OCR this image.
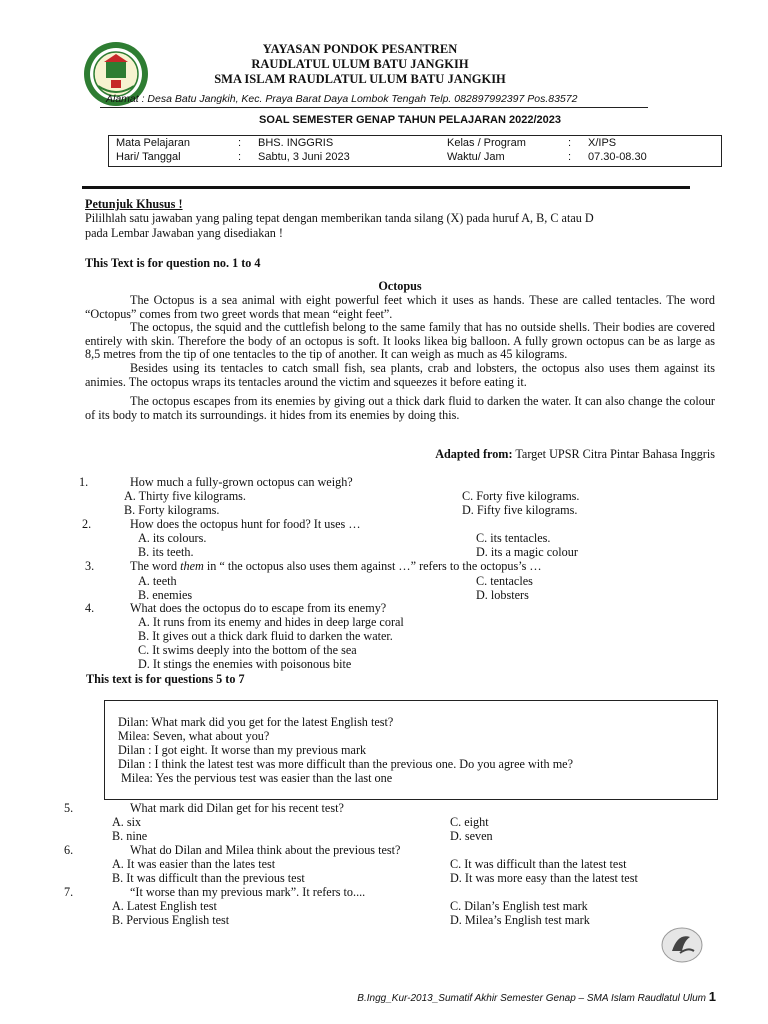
YAYASAN PONDOK PESANTREN
RAUDLATUL ULUM BATU JANGKIH
SMA ISLAM RAUDLATUL ULUM BATU JANGKIH
Alamat : Desa Batu Jangkih, Kec. Praya Barat Daya Lombok Tengah Telp. 082897992397 Pos.83572
SOAL SEMESTER GENAP TAHUN PELAJARAN 2022/2023
Mata Pelajaran	: BHS. INGGRIS	Kelas / Program	: X/IPS
Hari/ Tanggal	: Sabtu, 3 Juni 2023	Waktu/ Jam	: 07.30-08.30
Petunjuk Khusus !
Pililhlah satu jawaban yang paling tepat dengan memberikan tanda silang (X) pada huruf A, B, C atau D
pada Lembar Jawaban yang disediakan !
This Text is for question no. 1 to 4
Octopus

The Octopus is a sea animal with eight powerful feet which it uses as hands. These are called tentacles. The word “Octopus” comes from two greet words that mean “eight feet”.

The octopus, the squid and the cuttlefish belong to the same family that has no outside shells. Their bodies are covered entirely with skin. Therefore the body of an octopus is soft. It looks likea big balloon. A fully grown octopus can be as large as 8,5 metres from the tip of one tentacles to the tip of another. It can weigh as much as 45 kilograms.

Besides using its tentacles to catch small fish, sea plants, crab and lobsters, the octopus also uses them against its animies. The octopus wraps its tentacles around the victim and squeezes it before eating it.

The octopus escapes from its enemies by giving out a thick dark fluid to darken the water. It can also change the colour of its body to match its surroundings. it hides from its enemies by doing this.

Adapted from: Target UPSR Citra Pintar Bahasa Inggris
1.	How much a fully-grown octopus can weigh?
A. Thirty five kilograms.
B. Forty kilograms.
C. Forty five kilograms.
D. Fifty five kilograms.
2.	How does the octopus hunt for food? It uses …
A. its colours.
B. its teeth.
C. its tentacles.
D. its a magic colour
3.	The word them in “ the octopus also uses them against …” refers to the octopus’s …
A. teeth
B. enemies
C. tentacles
D. lobsters
4.	What does the octopus do to escape from its enemy?
A. It runs from its enemy and hides in deep large coral
B. It gives out a thick dark fluid to darken the water.
C. It swims deeply into the bottom of the sea
D. It stings the enemies with poisonous bite
This text is for questions 5 to 7
Dilan: What mark did you get for the latest English test?
Milea: Seven, what about you?
Dilan : I got eight. It worse than my previous mark
Dilan : I think the latest test was more difficult than the previous one. Do you agree with me?
Milea: Yes the pervious test was easier than the last one
5.	What mark did Dilan get for his recent test?
A. six
B. nine
C. eight
D. seven
6.	What do Dilan and Milea think about the previous test?
A. It was easier than the lates test
B. It was difficult than the previous test
C. It was difficult than the latest test
D. It was more easy than the latest test
7.	“It worse than my previous mark”. It refers to....
A. Latest English test
B. Pervious English test
C. Dilan’s English test mark
D. Milea’s English test mark
B.Ingg_Kur-2013_Sumatif Akhir Semester Genap – SMA Islam Raudlatul Ulum 1
